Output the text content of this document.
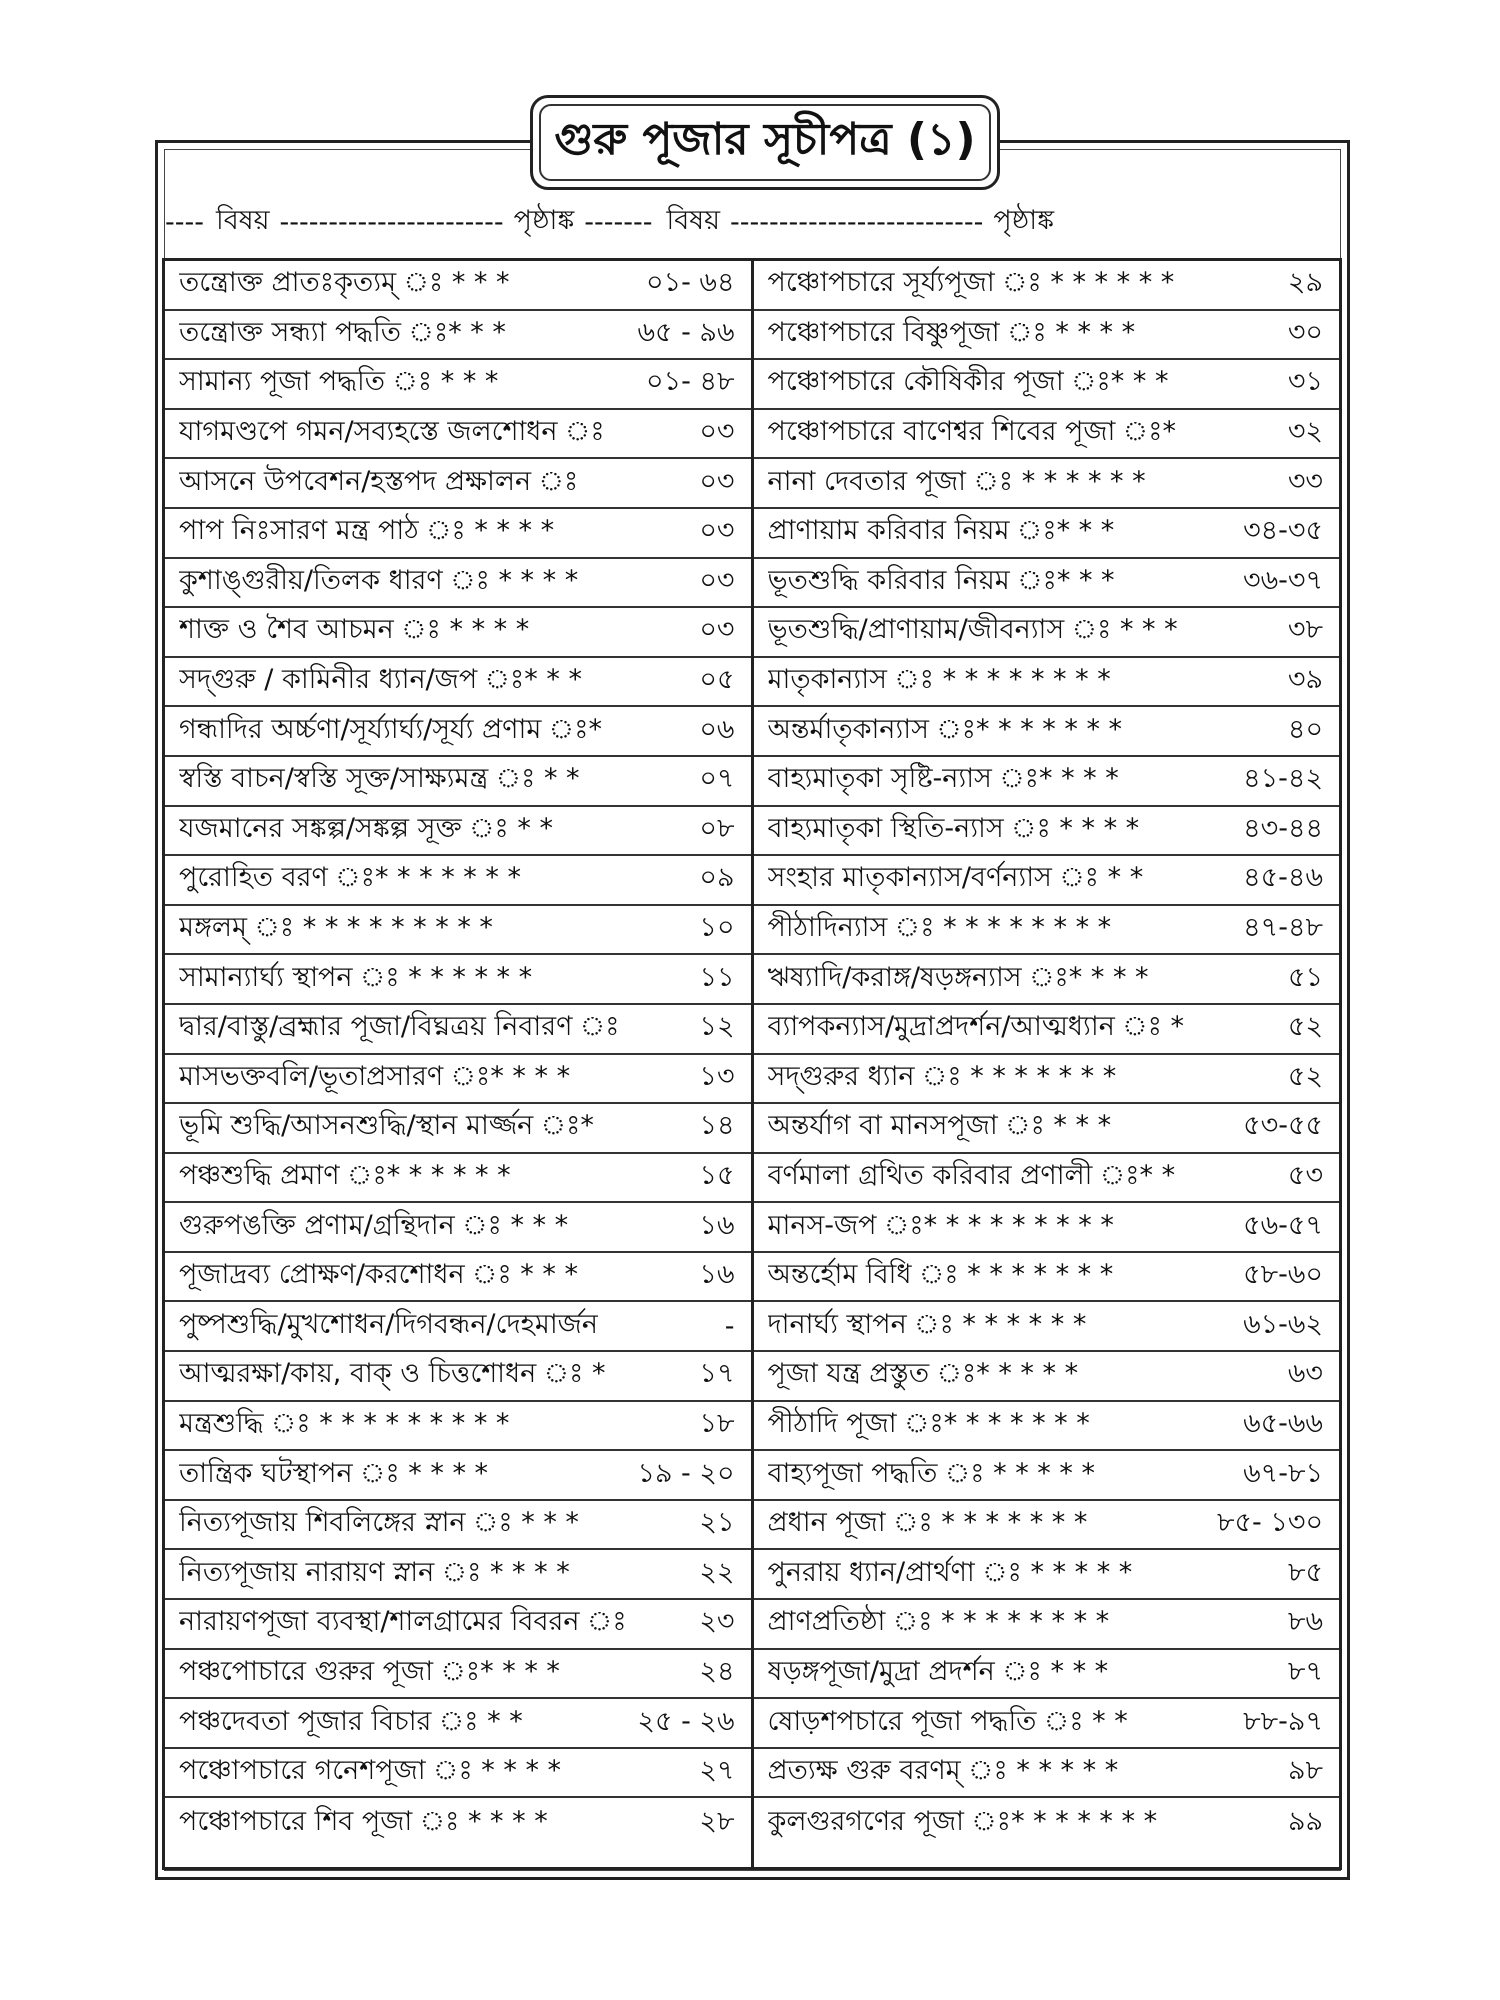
গুরু পূজার সূচীপত্র (১)
---- বিষয় ----------------------- পৃষ্ঠাঙ্ক ------- বিষয় -------------------------- পৃষ্ঠাঙ্ক
তন্ত্রোক্ত প্রাতঃকৃত্যম্ ঃ * * *	০১- ৬৪
তন্ত্রোক্ত সন্ধ্যা পদ্ধতি ঃ* * *	৬৫ - ৯৬
সামান্য পূজা পদ্ধতি ঃ * * *	০১- ৪৮
যাগমণ্ডপে গমন/সব্যহস্তে জলশোধন ঃ	০৩
আসনে উপবেশন/হস্তপদ প্রক্ষালন ঃ	০৩
পাপ নিঃসারণ মন্ত্র পাঠ ঃ * * * *	০৩
কুশাঙ্গুরীয়/তিলক ধারণ ঃ * * * *	০৩
শাক্ত ও শৈব আচমন ঃ * * * *	০৩
সদ্‌গুরু / কামিনীর ধ্যান/জপ ঃ* * *	০৫
গন্ধাদির অর্চ্চণা/সূর্য্যার্ঘ্য/সূর্য্য প্রণাম ঃ*	০৬
স্বস্তি বাচন/স্বস্তি সূক্ত/সাক্ষ্যমন্ত্র ঃ * *	০৭
যজমানের সঙ্কল্প/সঙ্কল্প সূক্ত ঃ * *	০৮
পুরোহিত বরণ ঃ* * * * * * *	০৯
মঙ্গলম্ ঃ * * * * * * * * *	১০
সামান্যার্ঘ্য স্থাপন ঃ * * * * * *	১১
দ্বার/বাস্তু/ব্রহ্মার পূজা/বিঘ্নত্রয় নিবারণ ঃ	১২
মাসভক্তবলি/ভূতাপ্রসারণ ঃ* * * *	১৩
ভূমি শুদ্ধি/আসনশুদ্ধি/স্থান মার্জ্জন ঃ*	১৪
পঞ্চশুদ্ধি প্রমাণ ঃ* * * * * *	১৫
গুরুপঙক্তি প্রণাম/গ্রন্থিদান ঃ * * *	১৬
পূজাদ্রব্য প্রোক্ষণ/করশোধন ঃ * * *	১৬
পুষ্পশুদ্ধি/মুখশোধন/দিগবন্ধন/দেহমার্জন	-
আত্মরক্ষা/কায়, বাক্‌ ও চিত্তশোধন ঃ *	১৭
মন্ত্রশুদ্ধি ঃ * * * * * * * * *	১৮
তান্ত্রিক ঘটস্থাপন ঃ * * * *	১৯ - ২০
নিত্যপূজায় শিবলিঙ্গের স্নান ঃ * * *	২১
নিত্যপূজায় নারায়ণ স্নান ঃ * * * *	২২
নারায়ণপূজা ব্যবস্থা/শালগ্রামের বিবরন ঃ	২৩
পঞ্চপোচারে গুরুর পূজা ঃ* * * *	২৪
পঞ্চদেবতা পূজার বিচার ঃ * *	২৫ - ২৬
পঞ্চোপচারে গনেশপূজা ঃ * * * *	২৭
পঞ্চোপচারে শিব পূজা ঃ * * * *	২৮
পঞ্চোপচারে সূর্য্যপূজা ঃ * * * * * *	২৯
পঞ্চোপচারে বিষ্ণুপূজা ঃ * * * *	৩০
পঞ্চোপচারে কৌষিকীর পূজা ঃ* * *	৩১
পঞ্চোপচারে বাণেশ্বর শিবের পূজা ঃ*	৩২
নানা দেবতার পূজা ঃ * * * * * *	৩৩
প্রাণায়াম করিবার নিয়ম ঃ* * *	৩৪-৩৫
ভূতশুদ্ধি করিবার নিয়ম ঃ* * *	৩৬-৩৭
ভূতশুদ্ধি/প্রাণায়াম/জীবন্যাস ঃ * * *	৩৮
মাতৃকান্যাস ঃ * * * * * * * *	৩৯
অন্তর্মাতৃকান্যাস ঃ* * * * * * *	৪০
বাহ্যমাতৃকা সৃষ্টি-ন্যাস ঃ* * * *	৪১-৪২
বাহ্যমাতৃকা স্থিতি-ন্যাস ঃ * * * *	৪৩-৪৪
সংহার মাতৃকান্যাস/বর্ণন্যাস ঃ * *	৪৫-৪৬
পীঠাদিন্যাস ঃ * * * * * * * *	৪৭-৪৮
ঋষ্যাদি/করাঙ্গ/ষড়ঙ্গন্যাস ঃ* * * *	৫১
ব্যাপকন্যাস/মুদ্রাপ্রদর্শন/আত্মধ্যান ঃ *	৫২
সদ্‌গুরুর ধ্যান ঃ * * * * * * *	৫২
অন্তর্যাগ বা মানসপূজা ঃ * * *	৫৩-৫৫
বর্ণমালা গ্রথিত করিবার প্রণালী ঃ* *	৫৩
মানস-জপ ঃ* * * * * * * * *	৫৬-৫৭
অন্তর্হোম বিধি ঃ * * * * * * *	৫৮-৬০
দানার্ঘ্য স্থাপন ঃ * * * * * *	৬১-৬২
পূজা যন্ত্র প্রস্তুত ঃ* * * * *	৬৩
পীঠাদি পূজা ঃ* * * * * * *	৬৫-৬৬
বাহ্যপূজা পদ্ধতি ঃ * * * * *	৬৭-৮১
প্রধান পূজা ঃ * * * * * * *	৮৫- ১৩০
পুনরায় ধ্যান/প্রার্থণা ঃ * * * * *	৮৫
প্রাণপ্রতিষ্ঠা ঃ * * * * * * * *	৮৬
ষড়ঙ্গপূজা/মুদ্রা প্রদর্শন ঃ * * *	৮৭
ষোড়শপচারে পূজা পদ্ধতি ঃ * *	৮৮-৯৭
প্রত্যক্ষ গুরু বরণম্ ঃ * * * * *	৯৮
কুলগুরগণের পূজা ঃ* * * * * * *	৯৯
